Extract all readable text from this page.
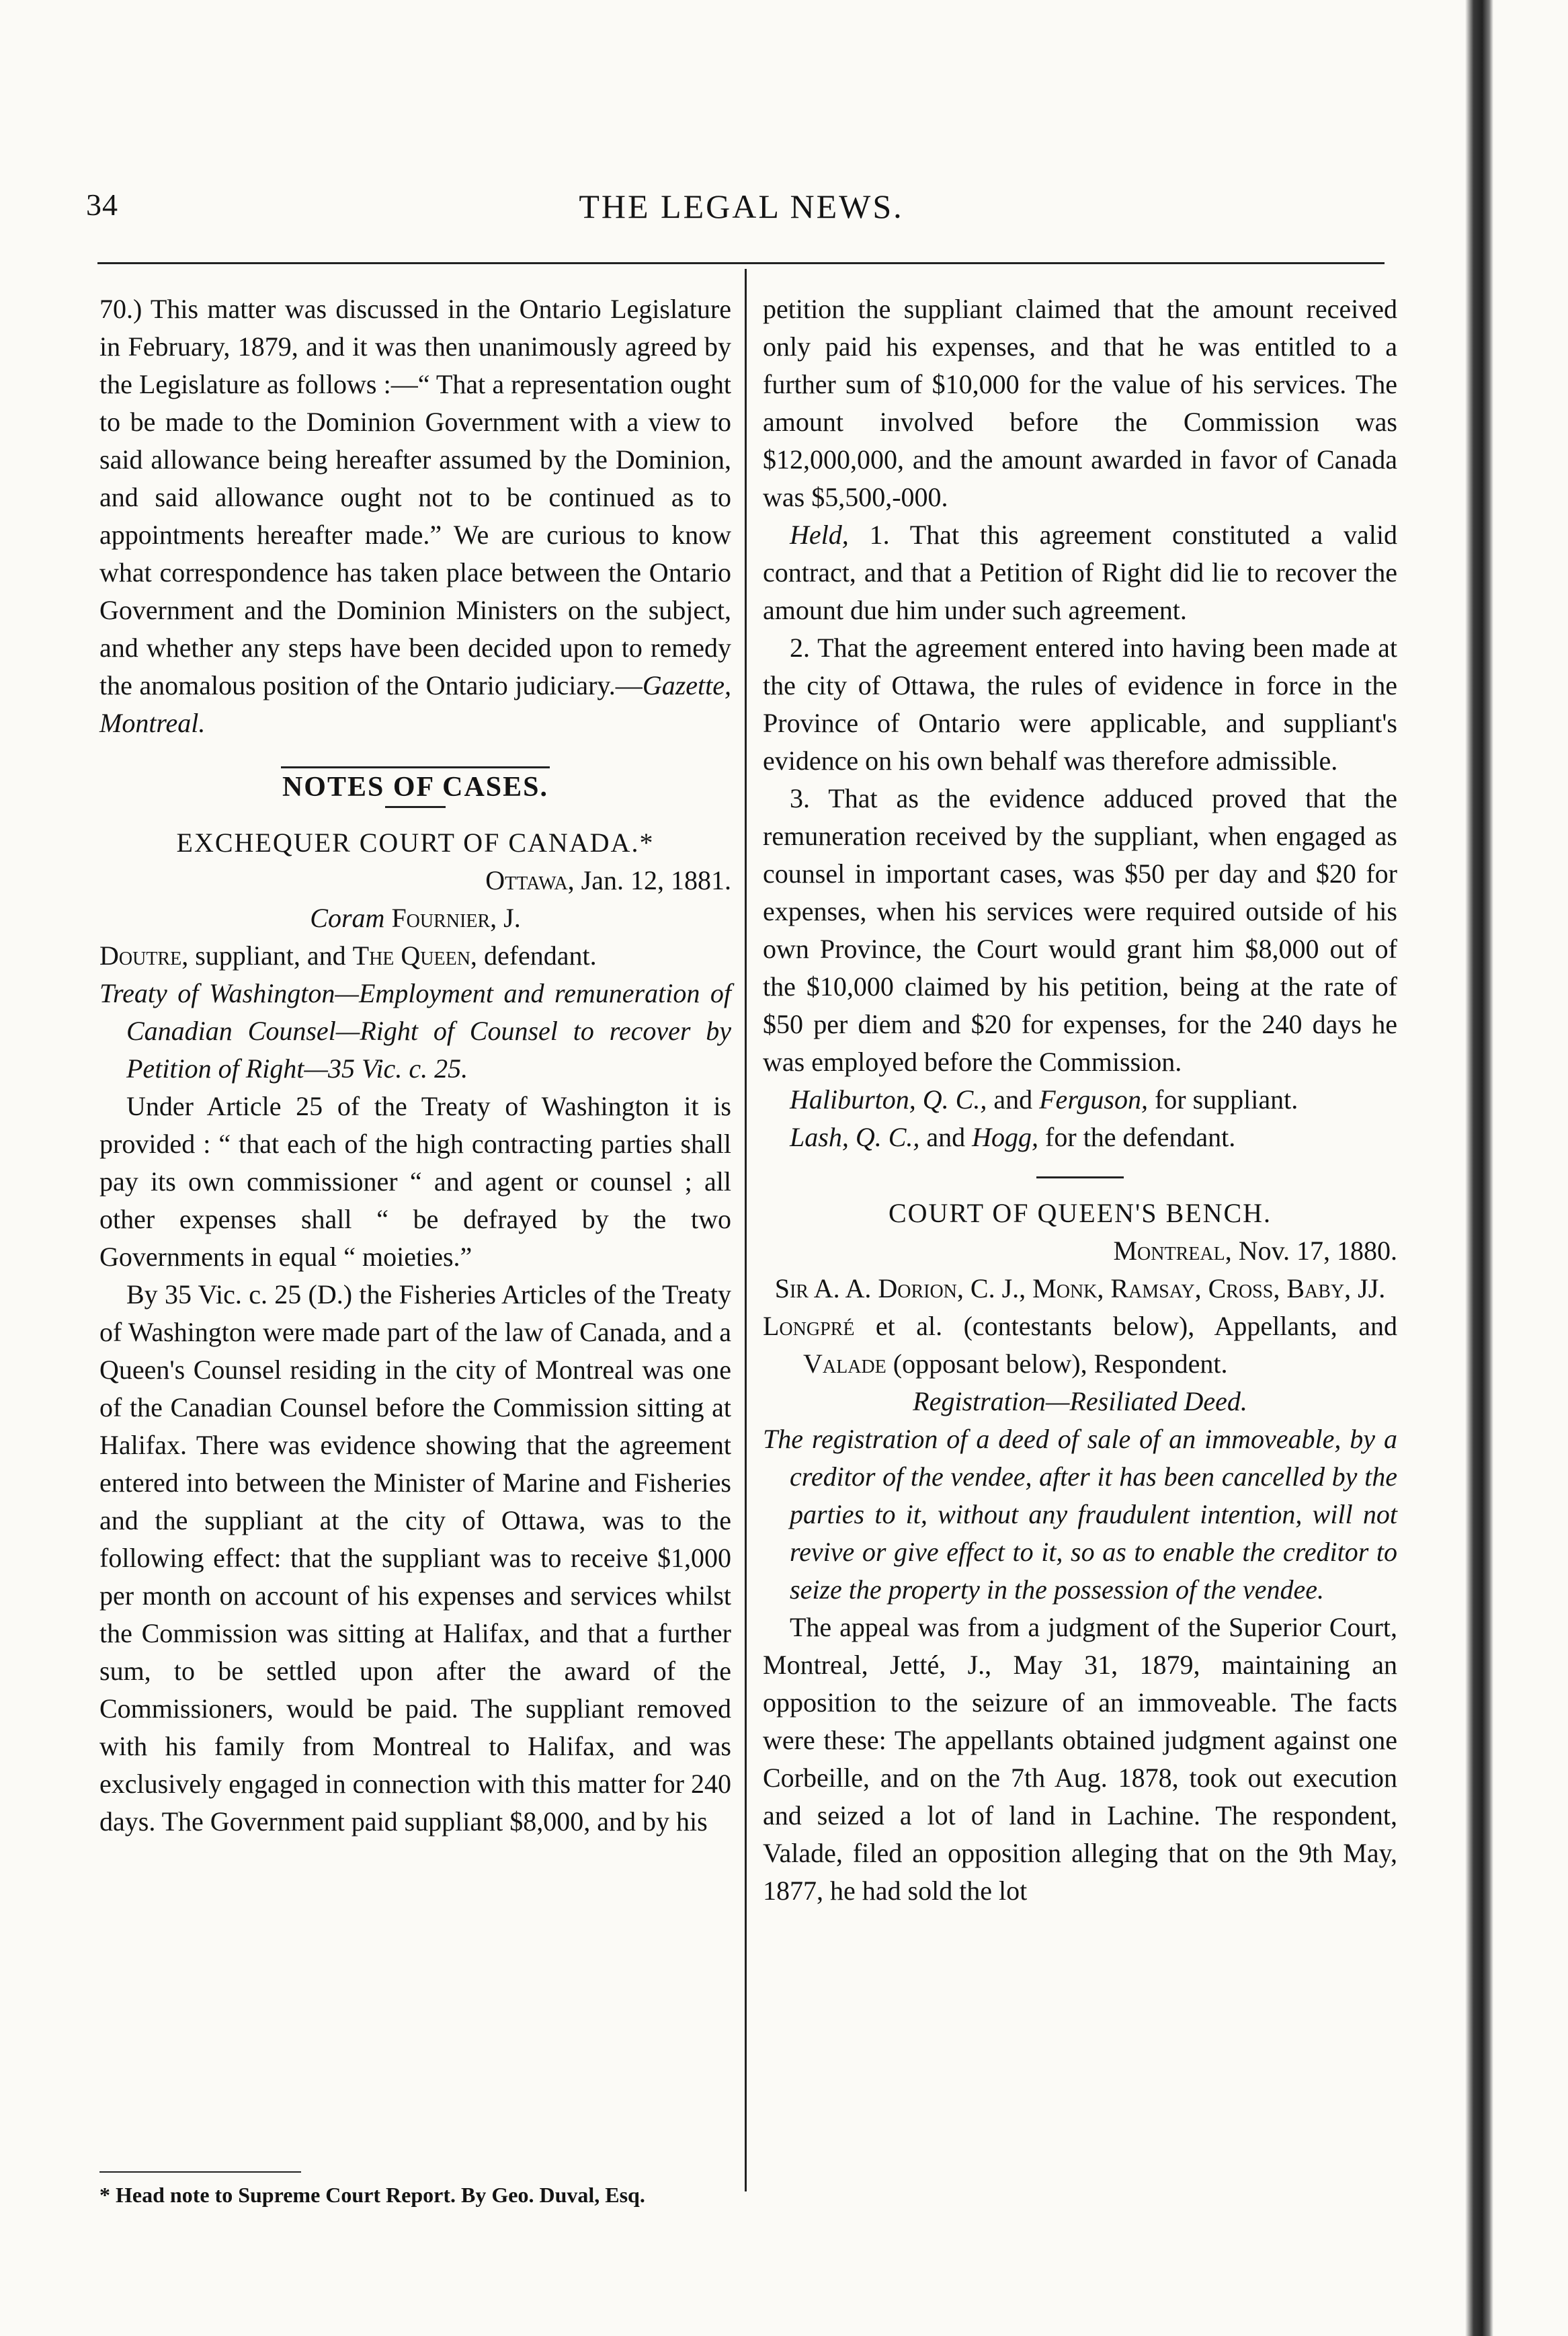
34	THE LEGAL NEWS.

70.) This matter was discussed in the Ontario Legislature in February, 1879, and it was then unanimously agreed by the Legislature as follows :—“ That a representation ought to be made to the Dominion Government with a view to said allowance being hereafter assumed by the Dominion, and said allowance ought not to be continued as to appointments hereafter made.” We are curious to know what correspondence has taken place between the Ontario Government and the Dominion Ministers on the subject, and whether any steps have been decided upon to remedy the anomalous position of the Ontario judiciary.—Gazette, Montreal.

NOTES OF CASES.

EXCHEQUER COURT OF CANADA.*

Ottawa, Jan. 12, 1881.

Coram Fournier, J.

Doutre, suppliant, and The Queen, defendant.

Treaty of Washington—Employment and remuneration of Canadian Counsel—Right of Counsel to recover by Petition of Right—35 Vic. c. 25.

Under Article 25 of the Treaty of Washington it is provided : “ that each of the high contracting parties shall pay its own commissioner “ and agent or counsel ; all other expenses shall “ be defrayed by the two Governments in equal “ moieties.”

By 35 Vic. c. 25 (D.) the Fisheries Articles of the Treaty of Washington were made part of the law of Canada, and a Queen's Counsel residing in the city of Montreal was one of the Canadian Counsel before the Commission sitting at Halifax. There was evidence showing that the agreement entered into between the Minister of Marine and Fisheries and the suppliant at the city of Ottawa, was to the following effect: that the suppliant was to receive $1,000 per month on account of his expenses and services whilst the Commission was sitting at Halifax, and that a further sum, to be settled upon after the award of the Commissioners, would be paid. The suppliant removed with his family from Montreal to Halifax, and was exclusively engaged in connection with this matter for 240 days. The Government paid suppliant $8,000, and by his

petition the suppliant claimed that the amount received only paid his expenses, and that he was entitled to a further sum of $10,000 for the value of his services. The amount involved before the Commission was $12,000,000, and the amount awarded in favor of Canada was $5,500,-000.

Held, 1. That this agreement constituted a valid contract, and that a Petition of Right did lie to recover the amount due him under such agreement.

2. That the agreement entered into having been made at the city of Ottawa, the rules of evidence in force in the Province of Ontario were applicable, and suppliant's evidence on his own behalf was therefore admissible.

3. That as the evidence adduced proved that the remuneration received by the suppliant, when engaged as counsel in important cases, was $50 per day and $20 for expenses, when his services were required outside of his own Province, the Court would grant him $8,000 out of the $10,000 claimed by his petition, being at the rate of $50 per diem and $20 for expenses, for the 240 days he was employed before the Commission.

Haliburton, Q. C., and Ferguson, for suppliant.

Lash, Q. C., and Hogg, for the defendant.

COURT OF QUEEN'S BENCH.

Montreal, Nov. 17, 1880.

Sir A. A. Dorion, C. J., Monk, Ramsay, Cross, Baby, JJ.

Longpré et al. (contestants below), Appellants, and Valade (opposant below), Respondent.

Registration—Resiliated Deed.

The registration of a deed of sale of an immoveable, by a creditor of the vendee, after it has been cancelled by the parties to it, without any fraudulent intention, will not revive or give effect to it, so as to enable the creditor to seize the property in the possession of the vendee.

The appeal was from a judgment of the Superior Court, Montreal, Jetté, J., May 31, 1879, maintaining an opposition to the seizure of an immoveable. The facts were these: The appellants obtained judgment against one Corbeille, and on the 7th Aug. 1878, took out execution and seized a lot of land in Lachine. The respondent, Valade, filed an opposition alleging that on the 9th May, 1877, he had sold the lot

* Head note to Supreme Court Report. By Geo. Duval, Esq.
